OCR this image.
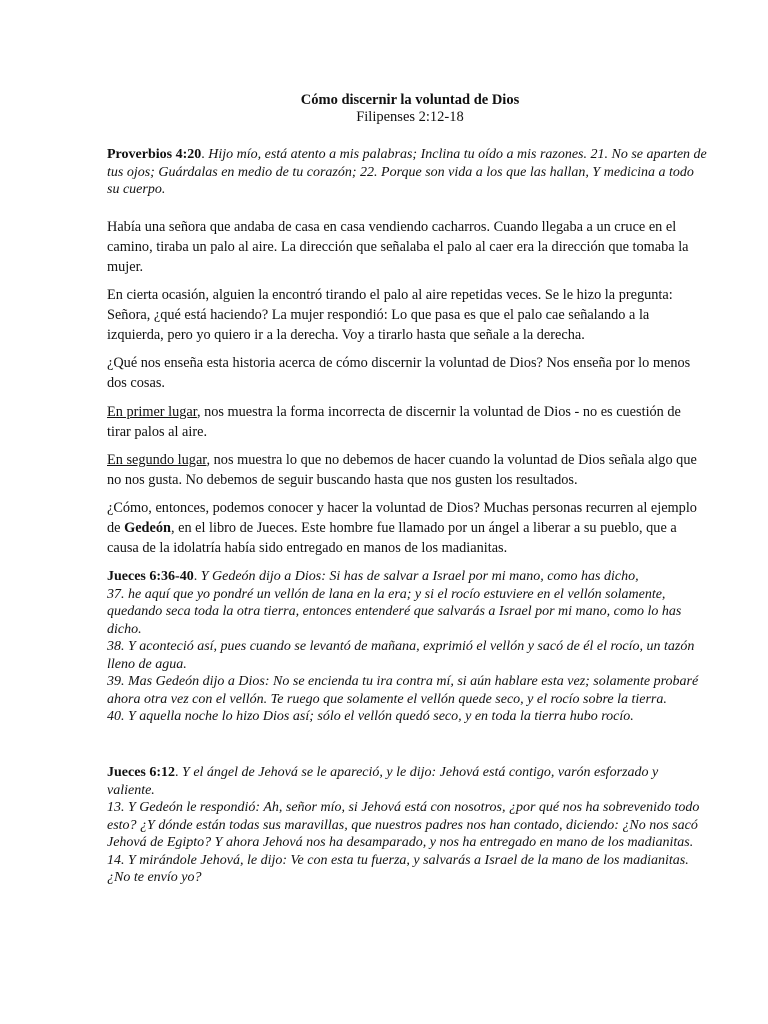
Cómo discernir la voluntad de Dios
Filipenses 2:12-18
Proverbios 4:20. Hijo mío, está atento a mis palabras; Inclina tu oído a mis razones. 21. No se aparten de tus ojos; Guárdalas en medio de tu corazón; 22. Porque son vida a los que las hallan, Y medicina a todo su cuerpo.

Había una señora que andaba de casa en casa vendiendo cacharros. Cuando llegaba a un cruce en el camino, tiraba un palo al aire. La dirección que señalaba el palo al caer era la dirección que tomaba la mujer.

En cierta ocasión, alguien la encontró tirando el palo al aire repetidas veces. Se le hizo la pregunta: Señora, ¿qué está haciendo? La mujer respondió: Lo que pasa es que el palo cae señalando a la izquierda, pero yo quiero ir a la derecha. Voy a tirarlo hasta que señale a la derecha.

¿Qué nos enseña esta historia acerca de cómo discernir la voluntad de Dios? Nos enseña por lo menos dos cosas.

En primer lugar, nos muestra la forma incorrecta de discernir la voluntad de Dios - no es cuestión de tirar palos al aire.

En segundo lugar, nos muestra lo que no debemos de hacer cuando la voluntad de Dios señala algo que no nos gusta. No debemos de seguir buscando hasta que nos gusten los resultados.

¿Cómo, entonces, podemos conocer y hacer la voluntad de Dios? Muchas personas recurren al ejemplo de Gedeón, en el libro de Jueces. Este hombre fue llamado por un ángel a liberar a su pueblo, que a causa de la idolatría había sido entregado en manos de los madianitas.

Jueces 6:36-40. Y Gedeón dijo a Dios: Si has de salvar a Israel por mi mano, como has dicho,

37. he aquí que yo pondré un vellón de lana en la era; y si el rocío estuviere en el vellón solamente, quedando seca toda la otra tierra, entonces entenderé que salvarás a Israel por mi mano, como lo has dicho.

38. Y aconteció así, pues cuando se levantó de mañana, exprimió el vellón y sacó de él el rocío, un tazón lleno de agua.

39. Mas Gedeón dijo a Dios: No se encienda tu ira contra mí, si aún hablare esta vez; solamente probaré ahora otra vez con el vellón. Te ruego que solamente el vellón quede seco, y el rocío sobre la tierra.

40. Y aquella noche lo hizo Dios así; sólo el vellón quedó seco, y en toda la tierra hubo rocío.

Jueces 6:12. Y el ángel de Jehová se le apareció, y le dijo: Jehová está contigo, varón esforzado y valiente.

13. Y Gedeón le respondió: Ah, señor mío, si Jehová está con nosotros, ¿por qué nos ha sobrevenido todo esto? ¿Y dónde están todas sus maravillas, que nuestros padres nos han contado, diciendo: ¿No nos sacó Jehová de Egipto? Y ahora Jehová nos ha desamparado, y nos ha entregado en mano de los madianitas.

14. Y mirándole Jehová, le dijo: Ve con esta tu fuerza, y salvarás a Israel de la mano de los madianitas. ¿No te envío yo?
